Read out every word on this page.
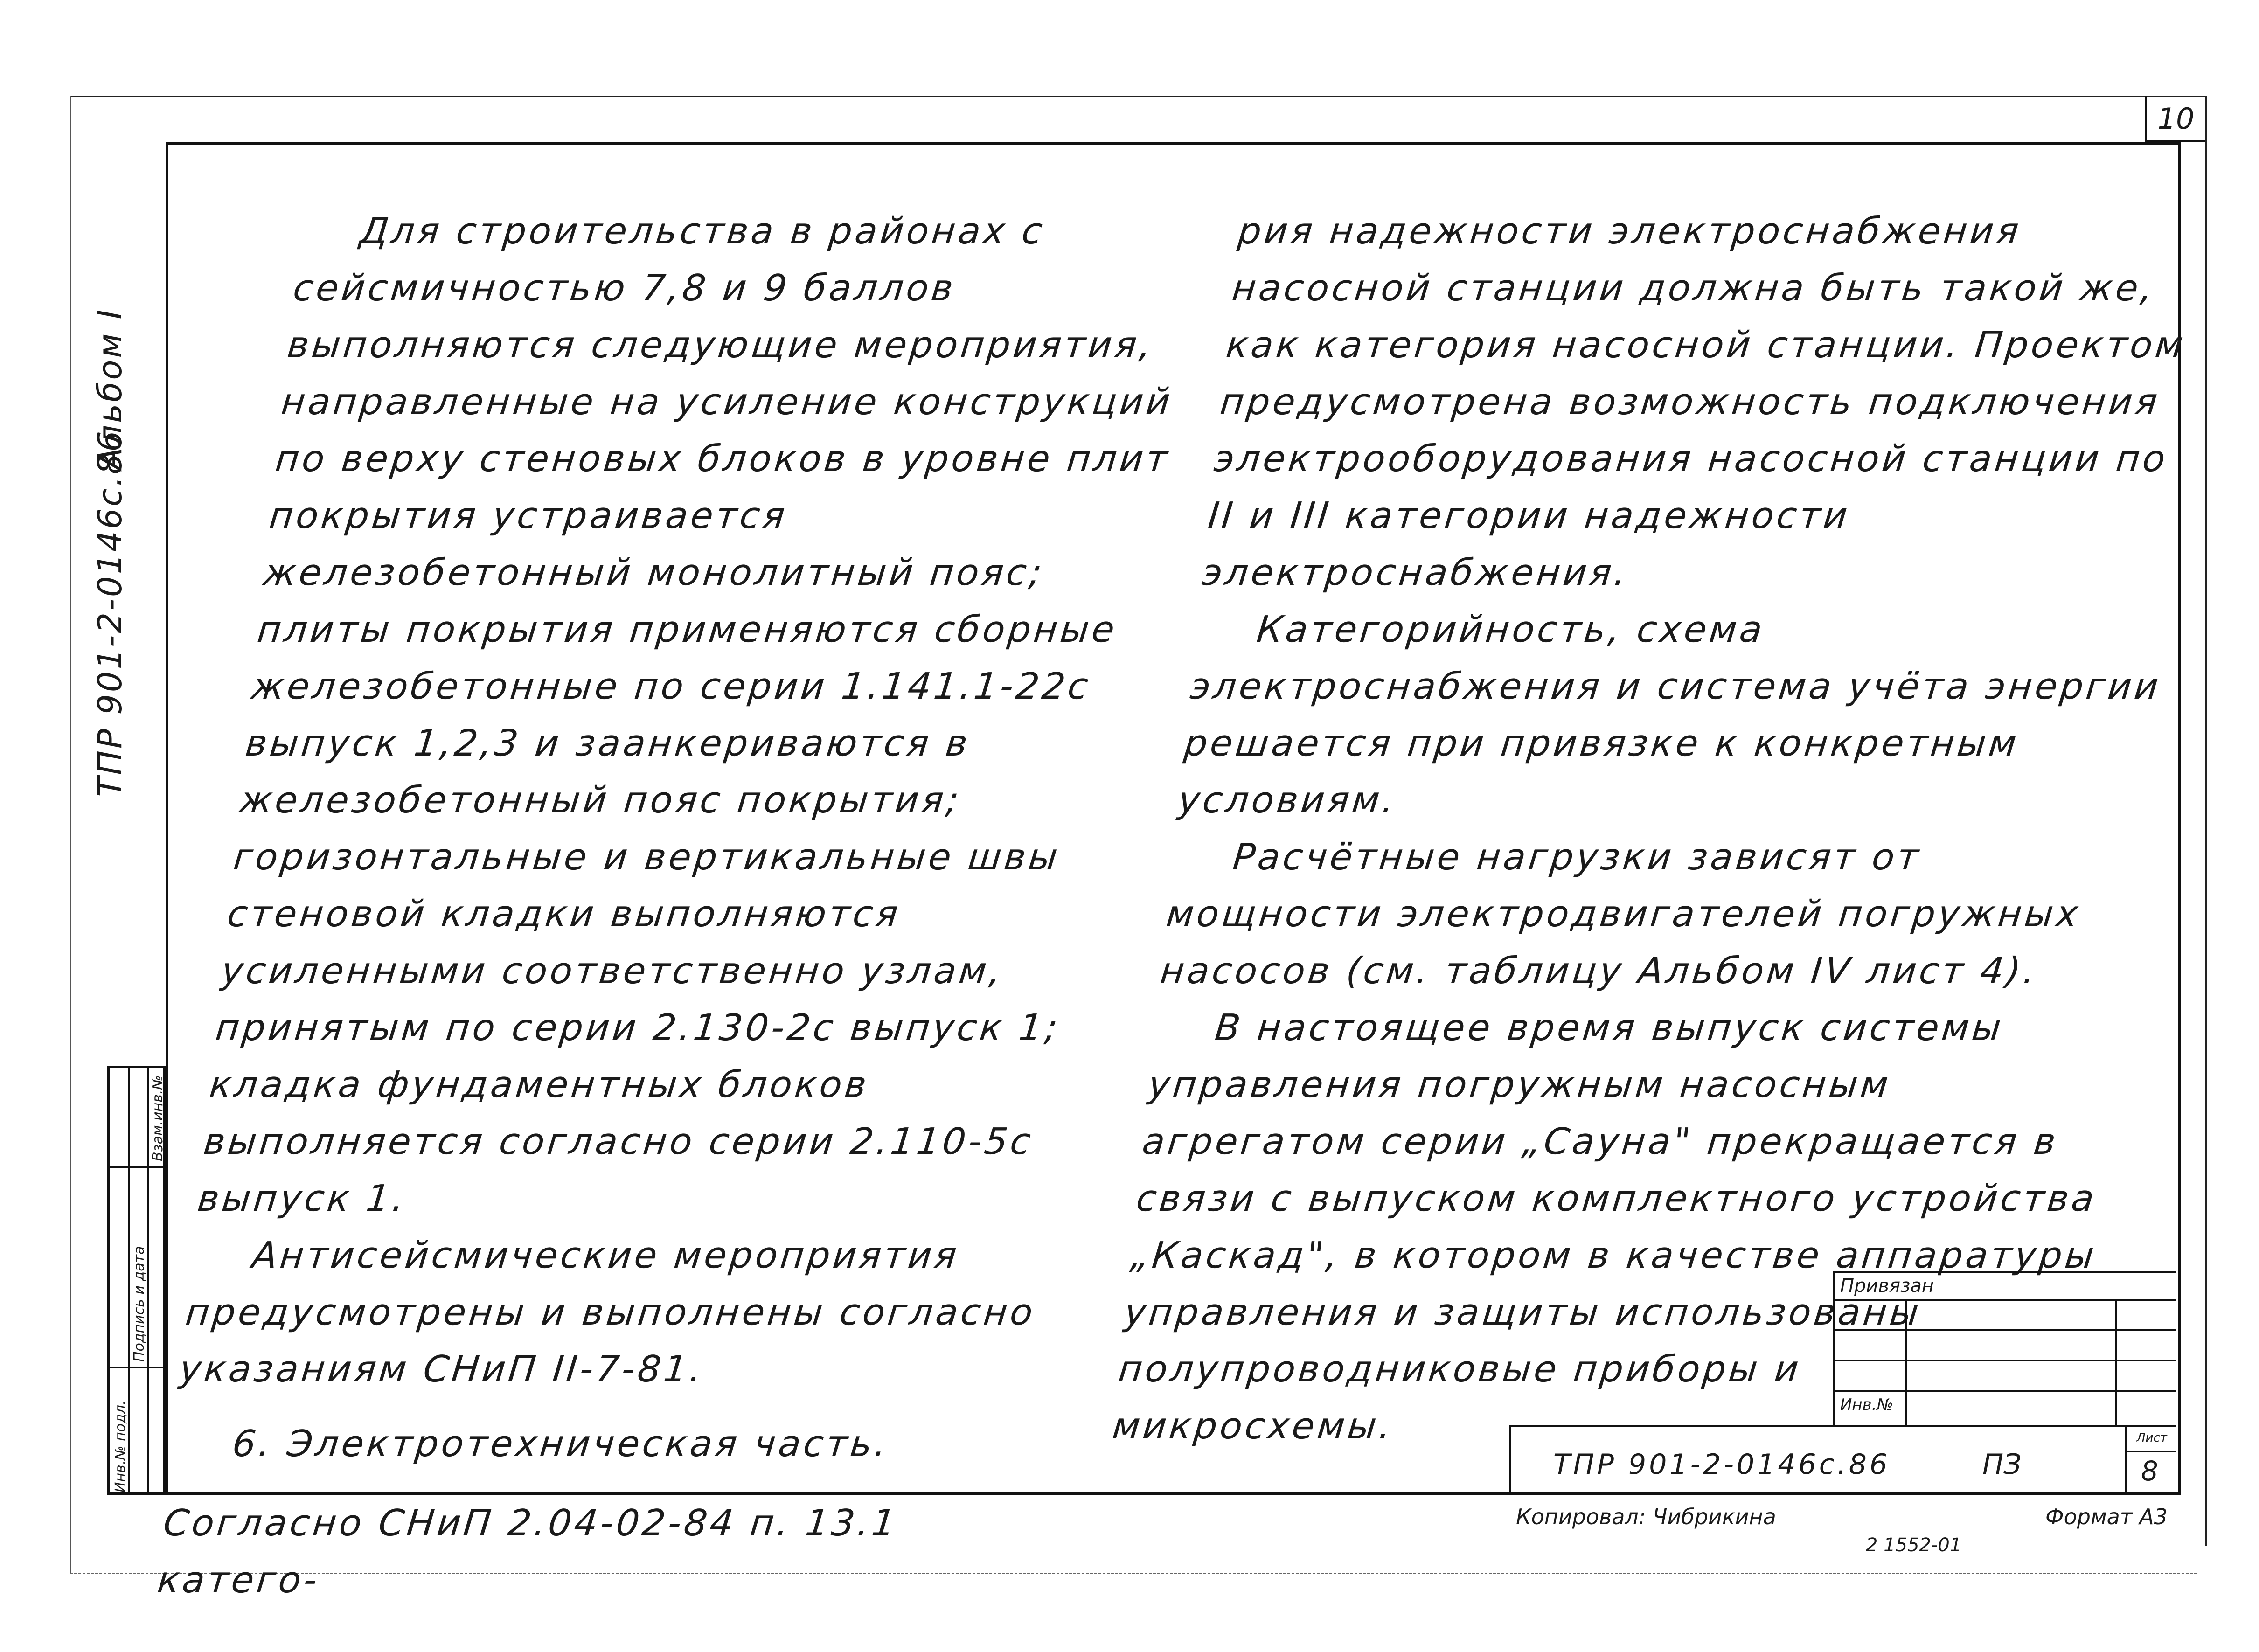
10
Альбом I
ТПР 901-2-0146с.86
Инв.№ подл.
Подпись и дата
Взам.инв.№

Для строительства в районах с сейсмичностью 7,8 и 9 баллов выполняются следующие мероприятия, направленные на усиление конструкций по верху стеновых блоков в уровне плит покрытия устраивается железобетонный монолитный пояс; плиты покрытия применяются сборные железобетонные по серии 1.141.1-22с выпуск 1,2,3 и заанкериваются в железобетонный пояс покрытия; горизонтальные и вертикальные швы стеновой кладки выполняются усиленными соответственно узлам, принятым по серии 2.130-2с выпуск 1; кладка фундаментных блоков выполняется согласно серии 2.110-5с выпуск 1.

Антисейсмические мероприятия предусмотрены и выполнены согласно указаниям СНиП II-7-81.

6. Электротехническая часть.

Согласно СНиП 2.04-02-84 п. 13.1 катего-

рия надежности электроснабжения насосной станции должна быть такой же, как категория насосной станции. Проектом предусмотрена возможность подключения электрооборудования насосной станции по II и III категории надежности электроснабжения.

Категорийность, схема электроснабжения и система учёта энергии решается при привязке к конкретным условиям.

Расчётные нагрузки зависят от мощности электродвигателей погружных насосов (см. таблицу Альбом IV лист 4).

В настоящее время выпуск системы управления погружным насосным агрегатом серии „Сауна" прекращается в связи с выпуском комплектного устройства „Каскад", в котором в качестве аппаратуры управления и защиты использованы полупроводниковые приборы и микросхемы.

Привязан
Инв.№
ТПР 901-2-0146с.86	ПЗ
Лист
8
Копировал: Чибрикина	Формат А3
2 1552-01
